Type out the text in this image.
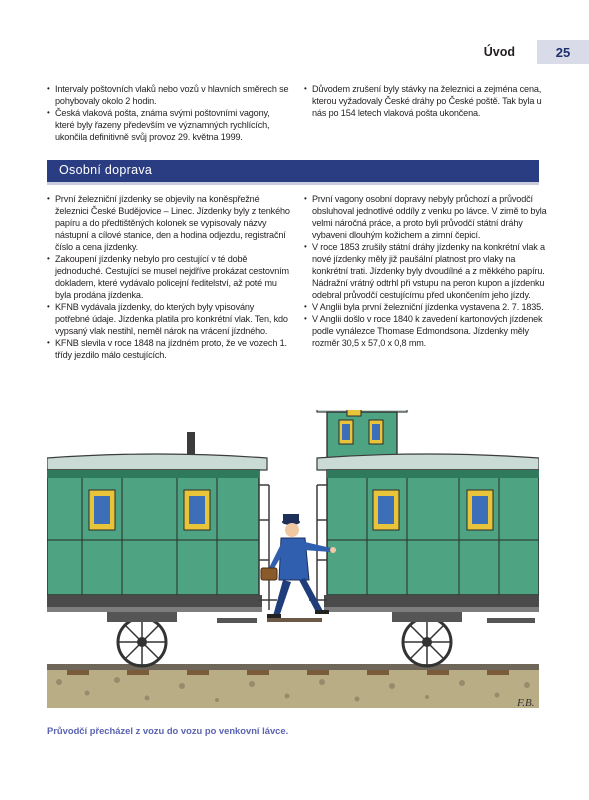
Úvod	25
• Intervaly poštovních vlaků nebo vozů v hlavních směrech se pohybovaly okolo 2 hodin.
• Česká vlaková pošta, známa svými poštovními vagony, které byly řazeny především ve významných rychlících, ukončila definitivně svůj provoz 29. května 1999.
• Důvodem zrušení byly stávky na železnici a zejména cena, kterou vyžadovaly České dráhy po České poště. Tak byla u nás po 154 letech vlaková pošta ukončena.
Osobní doprava
• První železniční jízdenky se objevily na koněspřežné železnici České Budějovice – Linec. Jízdenky byly z tenkého papíru a do předtištěných kolonek se vypisovaly názvy nástupní a cílové stanice, den a hodina odjezdu, registrační číslo a cena jízdenky.
• Zakoupení jízdenky nebylo pro cestující v té době jednoduché. Cestující se musel nejdříve prokázat cestovním dokladem, které vydávalo policejní ředitelství, až poté mu byla prodána jízdenka.
• KFNB vydávala jízdenky, do kterých byly vpisovány potřebné údaje. Jízdenka platila pro konkrétní vlak. Ten, kdo vypsaný vlak nestihl, neměl nárok na vrácení jízdného.
• KFNB slevila v roce 1848 na jízdném proto, že ve vozech 1. třídy jezdilo málo cestujících.
• První vagony osobní dopravy nebyly průchozí a průvodčí obsluhoval jednotlivé oddíly z venku po lávce. V zimě to byla velmi náročná práce, a proto byli průvodčí státní dráhy vybaveni dlouhým kožichem a zimní čepicí.
• V roce 1853 zrušily státní dráhy jízdenky na konkrétní vlak a nové jízdenky měly již paušální platnost pro vlaky na konkrétní trati. Jízdenky byly dvoudílné a z měkkého papíru. Nádražní vrátný odtrhl při vstupu na peron kupon a jízdenku odebral průvodčí cestujícímu před ukončením jeho jízdy.
• V Anglii byla první železniční jízdenka vystavena 2. 7. 1835.
• V Anglii došlo v roce 1840 k zavedení kartonových jízdenek podle vynálezce Thomase Edmondsona. Jízdenky měly rozměr 30,5 x 57,0 x 0,8 mm.
F.B.
Průvodčí přecházel z vozu do vozu po venkovní lávce.
